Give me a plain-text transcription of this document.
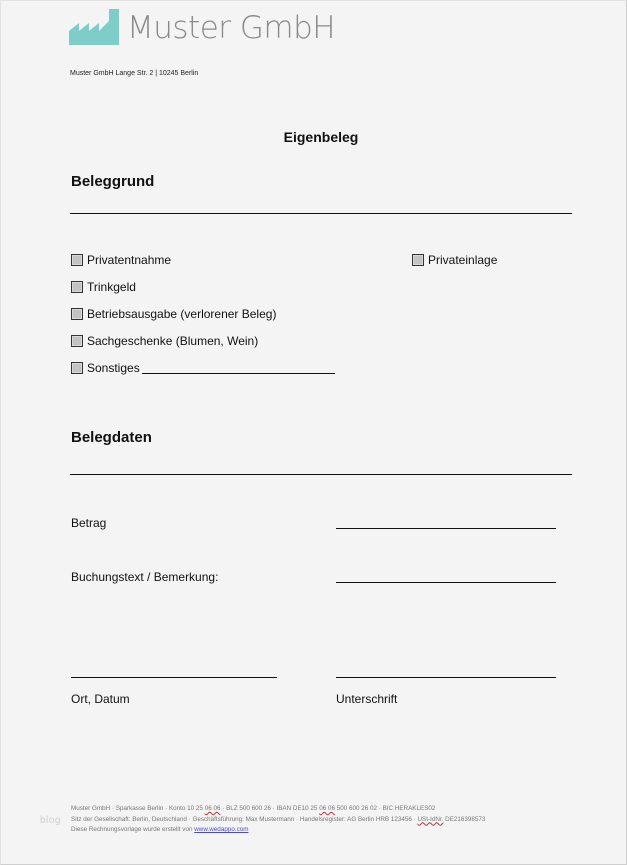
Muster GmbH
Muster GmbH Lange Str. 2 | 10245 Berlin
Eigenbeleg
Beleggrund
Privatentnahme
Trinkgeld
Betriebsausgabe (verlorener Beleg)
Sachgeschenke (Blumen, Wein)
Sonstiges
Privateinlage
Belegdaten
Betrag
Buchungstext / Bemerkung:
Ort, Datum	Unterschrift
blog
Muster GmbH · Sparkasse Berlin · Konto 10 25 06 06 · BLZ 500 600 26 · IBAN DE10 25 06 06 500 600 26 02 · BIC HERAKLES02
Sitz der Gesellschaft: Berlin, Deutschland · Geschäftsführung: Max Mustermann · Handelsregister: AG Berlin HRB 123456 · USt-IdNr. DE216398573
Diese Rechnungsvorlage wurde erstellt von www.wedappo.com
